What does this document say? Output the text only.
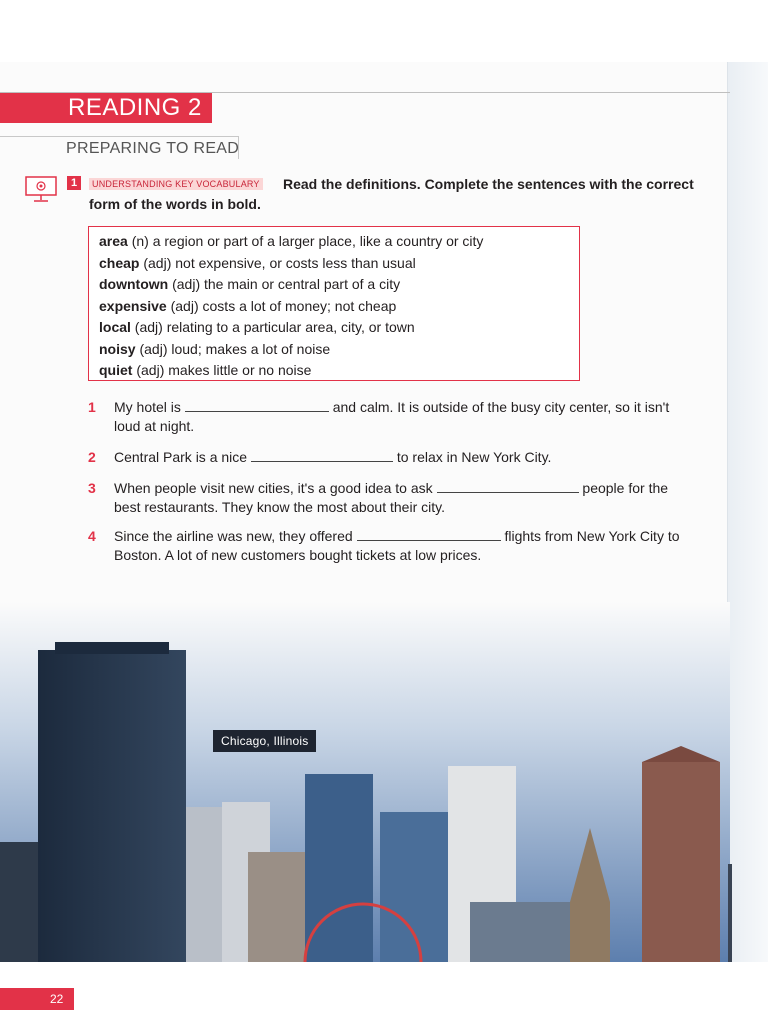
READING 2
PREPARING TO READ
1	Read the definitions. Complete the sentences with the correct form of the words in bold.
UNDERSTANDING KEY VOCABULARY
area (n) a region or part of a larger place, like a country or city
cheap (adj) not expensive, or costs less than usual
downtown (adj) the main or central part of a city
expensive (adj) costs a lot of money; not cheap
local (adj) relating to a particular area, city, or town
noisy (adj) loud; makes a lot of noise
quiet (adj) makes little or no noise
1	My hotel is	and calm. It is outside of the busy city center, so it isn't loud at night.
2	Central Park is a nice	to relax in New York City.
3	When people visit new cities, it's a good idea to ask	people for the best restaurants. They know the most about their city.
4	Since the airline was new, they offered	flights from New York City to Boston. A lot of new customers bought tickets at low prices.
Chicago, Illinois
22
